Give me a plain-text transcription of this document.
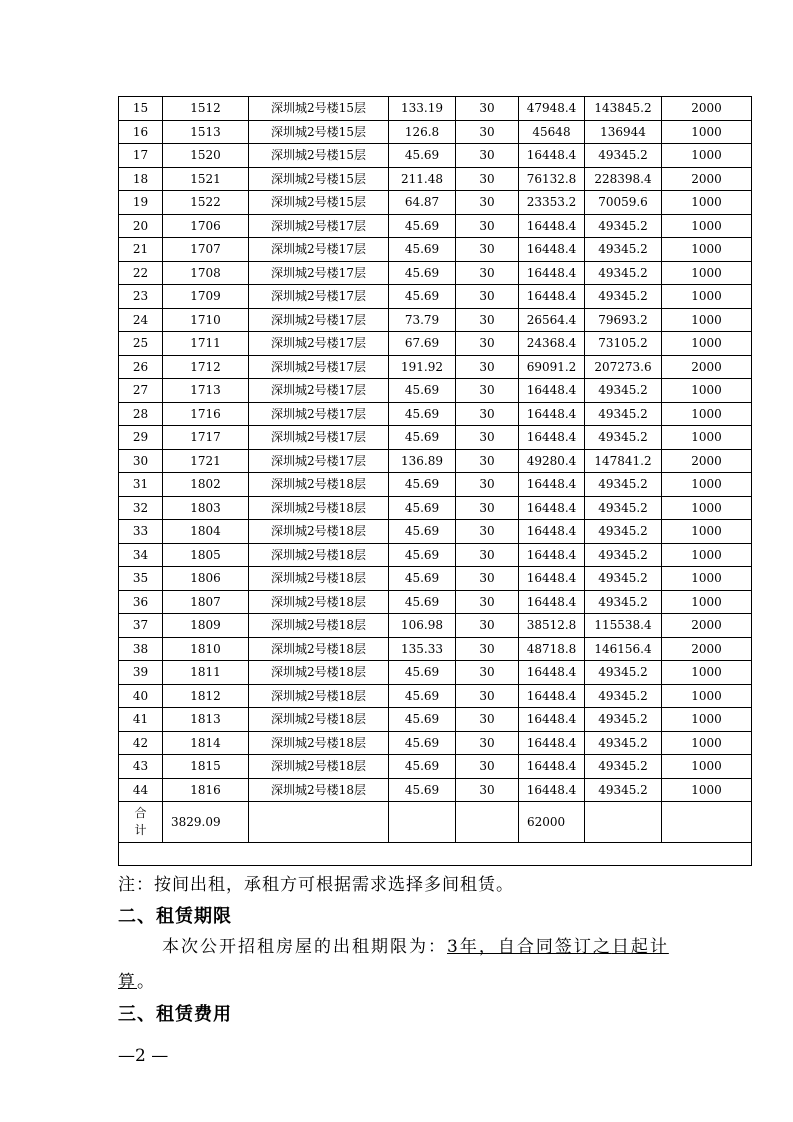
15	1512	深圳城2号楼15层	133.19	30	47948.4	143845.2	2000
16	1513	深圳城2号楼15层	126.8	30	45648	136944	1000
17	1520	深圳城2号楼15层	45.69	30	16448.4	49345.2	1000
18	1521	深圳城2号楼15层	211.48	30	76132.8	228398.4	2000
19	1522	深圳城2号楼15层	64.87	30	23353.2	70059.6	1000
20	1706	深圳城2号楼17层	45.69	30	16448.4	49345.2	1000
21	1707	深圳城2号楼17层	45.69	30	16448.4	49345.2	1000
22	1708	深圳城2号楼17层	45.69	30	16448.4	49345.2	1000
23	1709	深圳城2号楼17层	45.69	30	16448.4	49345.2	1000
24	1710	深圳城2号楼17层	73.79	30	26564.4	79693.2	1000
25	1711	深圳城2号楼17层	67.69	30	24368.4	73105.2	1000
26	1712	深圳城2号楼17层	191.92	30	69091.2	207273.6	2000
27	1713	深圳城2号楼17层	45.69	30	16448.4	49345.2	1000
28	1716	深圳城2号楼17层	45.69	30	16448.4	49345.2	1000
29	1717	深圳城2号楼17层	45.69	30	16448.4	49345.2	1000
30	1721	深圳城2号楼17层	136.89	30	49280.4	147841.2	2000
31	1802	深圳城2号楼18层	45.69	30	16448.4	49345.2	1000
32	1803	深圳城2号楼18层	45.69	30	16448.4	49345.2	1000
33	1804	深圳城2号楼18层	45.69	30	16448.4	49345.2	1000
34	1805	深圳城2号楼18层	45.69	30	16448.4	49345.2	1000
35	1806	深圳城2号楼18层	45.69	30	16448.4	49345.2	1000
36	1807	深圳城2号楼18层	45.69	30	16448.4	49345.2	1000
37	1809	深圳城2号楼18层	106.98	30	38512.8	115538.4	2000
38	1810	深圳城2号楼18层	135.33	30	48718.8	146156.4	2000
39	1811	深圳城2号楼18层	45.69	30	16448.4	49345.2	1000
40	1812	深圳城2号楼18层	45.69	30	16448.4	49345.2	1000
41	1813	深圳城2号楼18层	45.69	30	16448.4	49345.2	1000
42	1814	深圳城2号楼18层	45.69	30	16448.4	49345.2	1000
43	1815	深圳城2号楼18层	45.69	30	16448.4	49345.2	1000
44	1816	深圳城2号楼18层	45.69	30	16448.4	49345.2	1000
合
计	3829.09				62000		

注：按间出租，承租方可根据需求选择多间租赁。
二、租赁期限
本次公开招租房屋的出租期限为：3年，自合同签订之日起计算。
三、租赁费用
—2 —
